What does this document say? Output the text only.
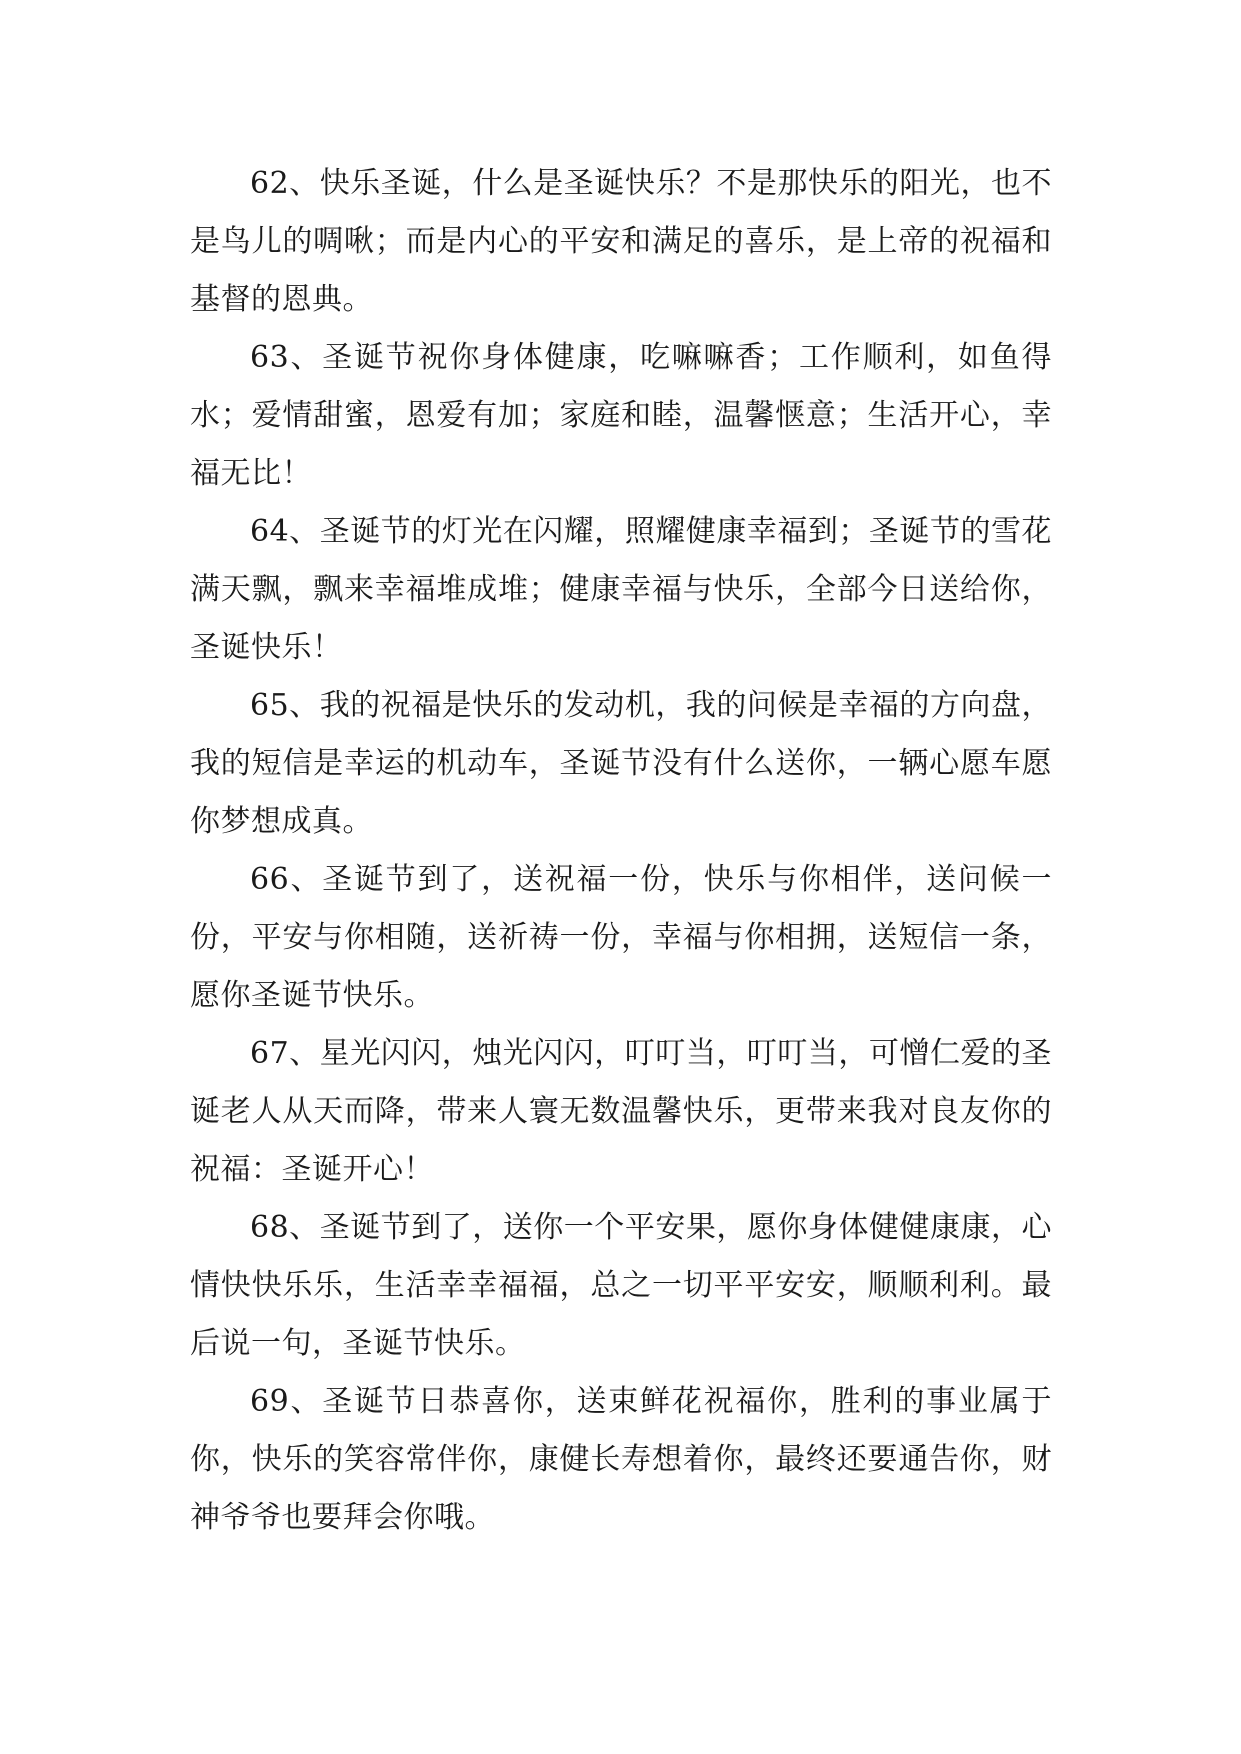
62、快乐圣诞，什么是圣诞快乐？不是那快乐的阳光，也不是鸟儿的啁啾；而是内心的平安和满足的喜乐，是上帝的祝福和基督的恩典。

63、圣诞节祝你身体健康，吃嘛嘛香；工作顺利，如鱼得水；爱情甜蜜，恩爱有加；家庭和睦，温馨惬意；生活开心，幸福无比！

64、圣诞节的灯光在闪耀，照耀健康幸福到；圣诞节的雪花满天飘，飘来幸福堆成堆；健康幸福与快乐，全部今日送给你，圣诞快乐！

65、我的祝福是快乐的发动机，我的问候是幸福的方向盘，我的短信是幸运的机动车，圣诞节没有什么送你，一辆心愿车愿你梦想成真。

66、圣诞节到了，送祝福一份，快乐与你相伴，送问候一份，平安与你相随，送祈祷一份，幸福与你相拥，送短信一条，愿你圣诞节快乐。

67、星光闪闪，烛光闪闪，叮叮当，叮叮当，可憎仁爱的圣诞老人从天而降，带来人寰无数温馨快乐，更带来我对良友你的祝福：圣诞开心！

68、圣诞节到了，送你一个平安果，愿你身体健健康康，心情快快乐乐，生活幸幸福福，总之一切平平安安，顺顺利利。最后说一句，圣诞节快乐。

69、圣诞节日恭喜你，送束鲜花祝福你，胜利的事业属于你，快乐的笑容常伴你，康健长寿想着你，最终还要通告你，财神爷爷也要拜会你哦。
